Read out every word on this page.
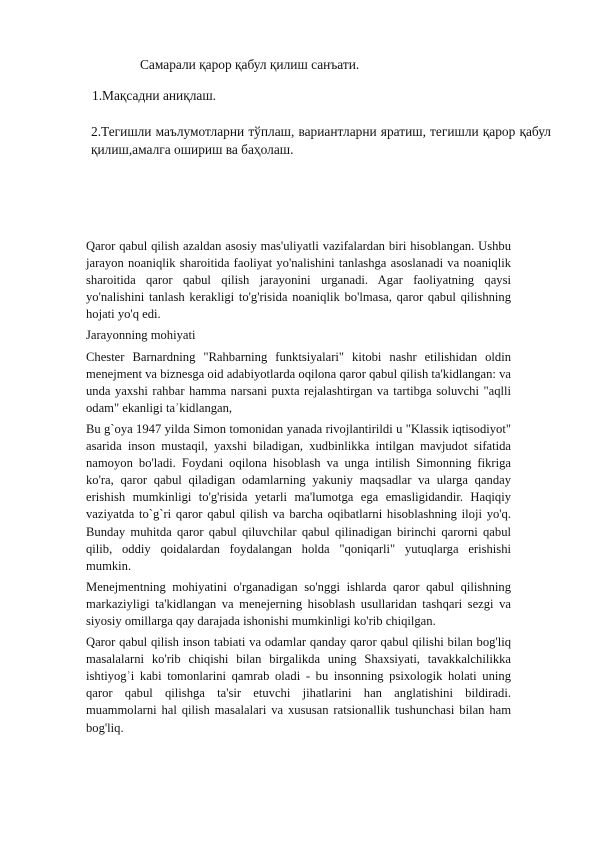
Самарали қарор қабул қилиш санъати.
1.Мақсадни аниқлаш.
2.Тегишли маълумотларни тўплаш, вариантларни яратиш, тегишли қарор қабул қилиш,амалга ошириш ва баҳолаш.

Qaror qabul qilish azaldan asosiy mas'uliyatli vazifalardan biri hisoblangan. Ushbu jarayon noaniqlik sharoitida faoliyat yo'nalishini tanlashga asoslanadi va noaniqlik sharoitida qaror qabul qilish jarayonini urganadi. Agar faoliyatning qaysi yo'nalishini tanlash kerakligi to'g'risida noaniqlik bo'lmasa, qaror qabul qilishning hojati yo'q edi.

Jarayonning mohiyati

Chester Barnardning "Rahbarning funktsiyalari" kitobi nashr etilishidan oldin menejment va biznesga oid adabiyotlarda oqilona qaror qabul qilish ta'kidlangan: va unda yaxshi rahbar hamma narsani puxta rejalashtirgan va tartibga soluvchi "aqlli odam" ekanligi taʾkidlangan,

Bu g`oya 1947 yilda Simon tomonidan yanada rivojlantirildi u "Klassik iqtisodiyot" asarida inson mustaqil, yaxshi biladigan, xudbinlikka intilgan mavjudot sifatida namoyon bo'ladi. Foydani oqilona hisoblash va unga intilish Simonning fikriga ko'ra, qaror qabul qiladigan odamlarning yakuniy maqsadlar va ularga qanday erishish mumkinligi to'g'risida yetarli ma'lumotga ega emasligidandir. Haqiqiy vaziyatda to`g`ri qaror qabul qilish va barcha oqibatlarni hisoblashning iloji yo'q. Bunday muhitda qaror qabul qiluvchilar qabul qilinadigan birinchi qarorni qabul qilib, oddiy qoidalardan foydalangan holda "qoniqarli" yutuqlarga erishishi mumkin.

Menejmentning mohiyatini o'rganadigan so'nggi ishlarda qaror qabul qilishning markaziyligi ta'kidlangan va menejerning hisoblash usullaridan tashqari sezgi va siyosiy omillarga qay darajada ishonishi mumkinligi ko'rib chiqilgan.

Qaror qabul qilish inson tabiati va odamlar qanday qaror qabul qilishi bilan bog'liq masalalarni ko'rib chiqishi bilan birgalikda uning Shaxsiyati, tavakkalchilikka ishtiyogʾi kabi tomonlarini qamrab oladi - bu insonning psixologik holati uning qaror qabul qilishga ta'sir etuvchi jihatlarini han anglatishini bildiradi. muammolarni hal qilish masalalari va xususan ratsionallik tushunchasi bilan ham bog'liq.
